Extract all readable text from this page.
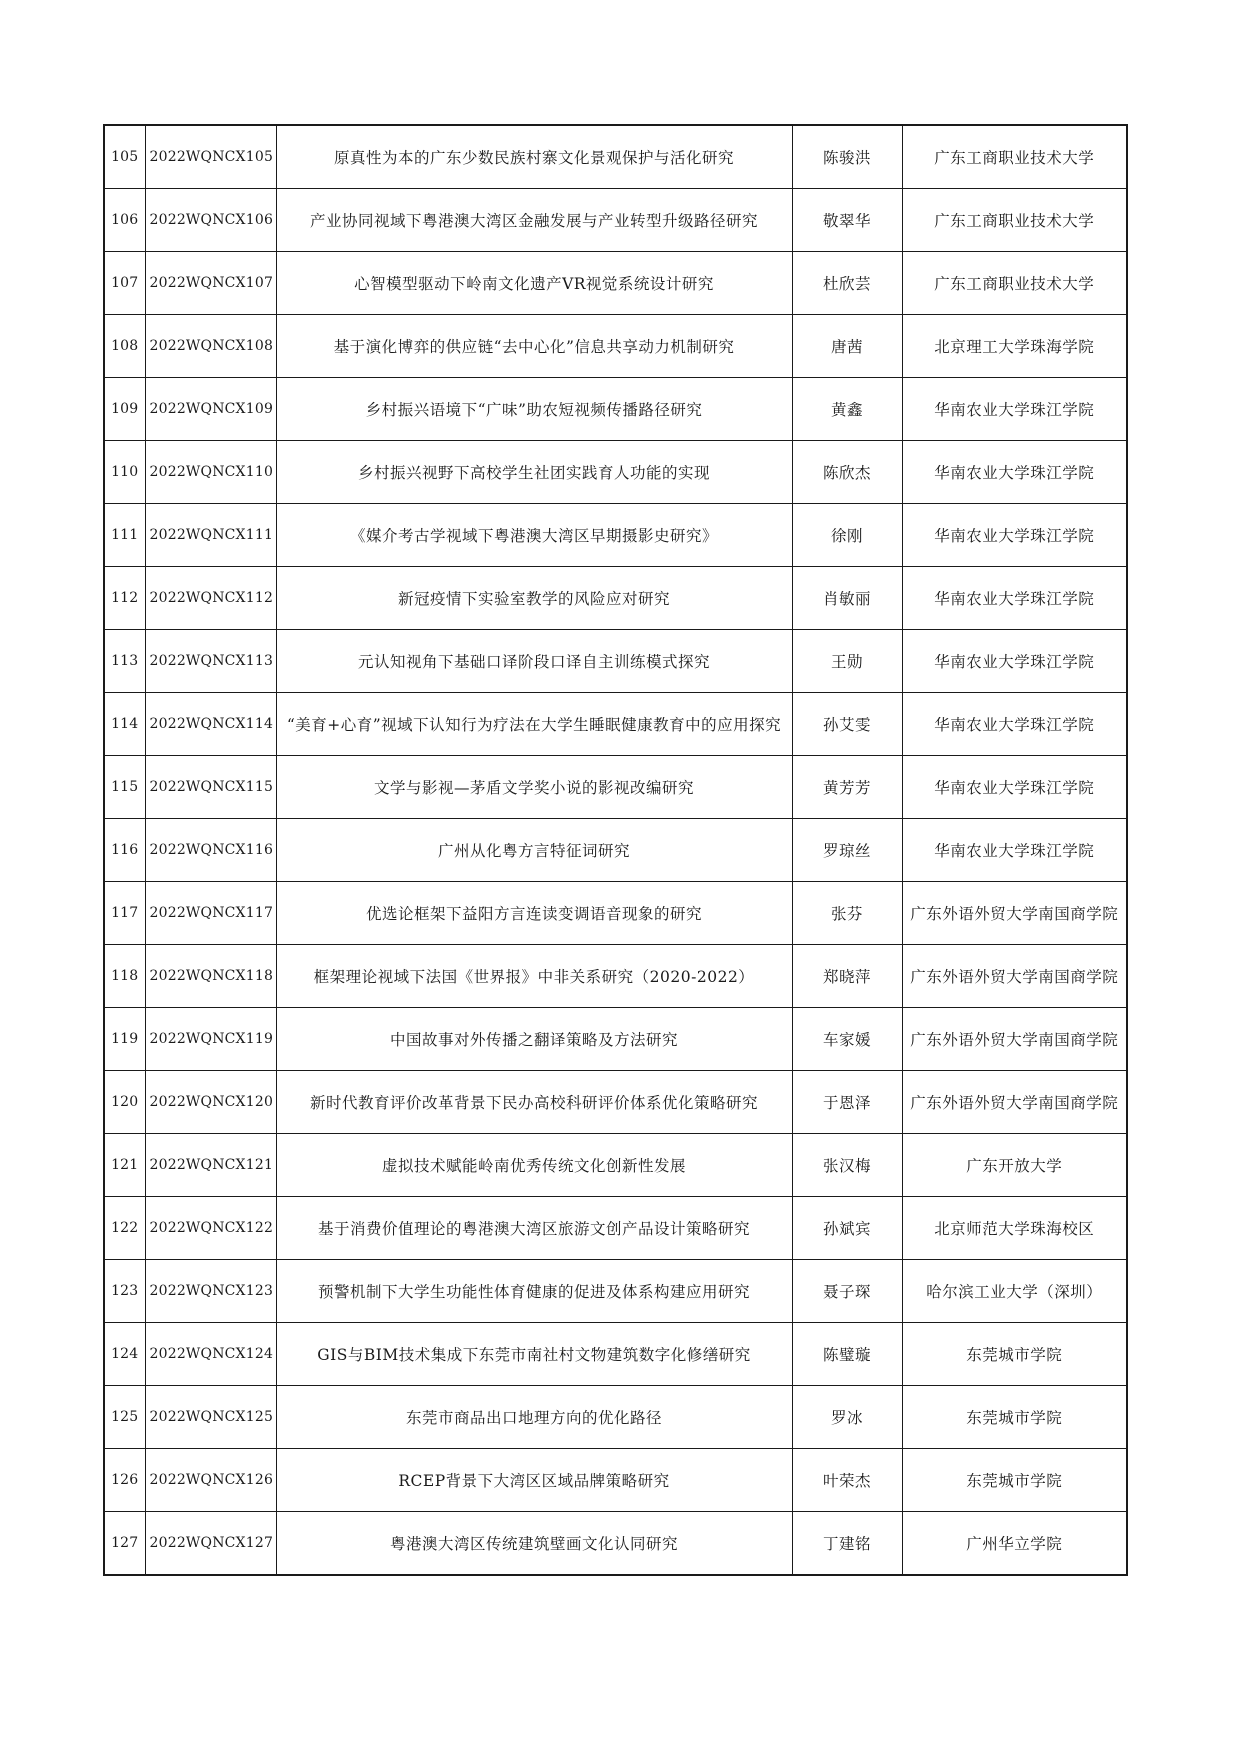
105	2022WQNCX105	原真性为本的广东少数民族村寨文化景观保护与活化研究	陈骏洪	广东工商职业技术大学
106	2022WQNCX106	产业协同视域下粤港澳大湾区金融发展与产业转型升级路径研究	敬翠华	广东工商职业技术大学
107	2022WQNCX107	心智模型驱动下岭南文化遗产VR视觉系统设计研究	杜欣芸	广东工商职业技术大学
108	2022WQNCX108	基于演化博弈的供应链“去中心化”信息共享动力机制研究	唐茜	北京理工大学珠海学院
109	2022WQNCX109	乡村振兴语境下“广味”助农短视频传播路径研究	黄鑫	华南农业大学珠江学院
110	2022WQNCX110	乡村振兴视野下高校学生社团实践育人功能的实现	陈欣杰	华南农业大学珠江学院
111	2022WQNCX111	《媒介考古学视域下粤港澳大湾区早期摄影史研究》	徐刚	华南农业大学珠江学院
112	2022WQNCX112	新冠疫情下实验室教学的风险应对研究	肖敏丽	华南农业大学珠江学院
113	2022WQNCX113	元认知视角下基础口译阶段口译自主训练模式探究	王勋	华南农业大学珠江学院
114	2022WQNCX114	“美育+心育”视域下认知行为疗法在大学生睡眠健康教育中的应用探究	孙艾雯	华南农业大学珠江学院
115	2022WQNCX115	文学与影视—茅盾文学奖小说的影视改编研究	黄芳芳	华南农业大学珠江学院
116	2022WQNCX116	广州从化粤方言特征词研究	罗琼丝	华南农业大学珠江学院
117	2022WQNCX117	优选论框架下益阳方言连读变调语音现象的研究	张芬	广东外语外贸大学南国商学院
118	2022WQNCX118	框架理论视域下法国《世界报》中非关系研究（2020-2022）	郑晓萍	广东外语外贸大学南国商学院
119	2022WQNCX119	中国故事对外传播之翻译策略及方法研究	车家媛	广东外语外贸大学南国商学院
120	2022WQNCX120	新时代教育评价改革背景下民办高校科研评价体系优化策略研究	于恩泽	广东外语外贸大学南国商学院
121	2022WQNCX121	虚拟技术赋能岭南优秀传统文化创新性发展	张汉梅	广东开放大学
122	2022WQNCX122	基于消费价值理论的粤港澳大湾区旅游文创产品设计策略研究	孙斌宾	北京师范大学珠海校区
123	2022WQNCX123	预警机制下大学生功能性体育健康的促进及体系构建应用研究	聂子琛	哈尔滨工业大学（深圳）
124	2022WQNCX124	GIS与BIM技术集成下东莞市南社村文物建筑数字化修缮研究	陈璧璇	东莞城市学院
125	2022WQNCX125	东莞市商品出口地理方向的优化路径	罗冰	东莞城市学院
126	2022WQNCX126	RCEP背景下大湾区区域品牌策略研究	叶荣杰	东莞城市学院
127	2022WQNCX127	粤港澳大湾区传统建筑壁画文化认同研究	丁建铭	广州华立学院
